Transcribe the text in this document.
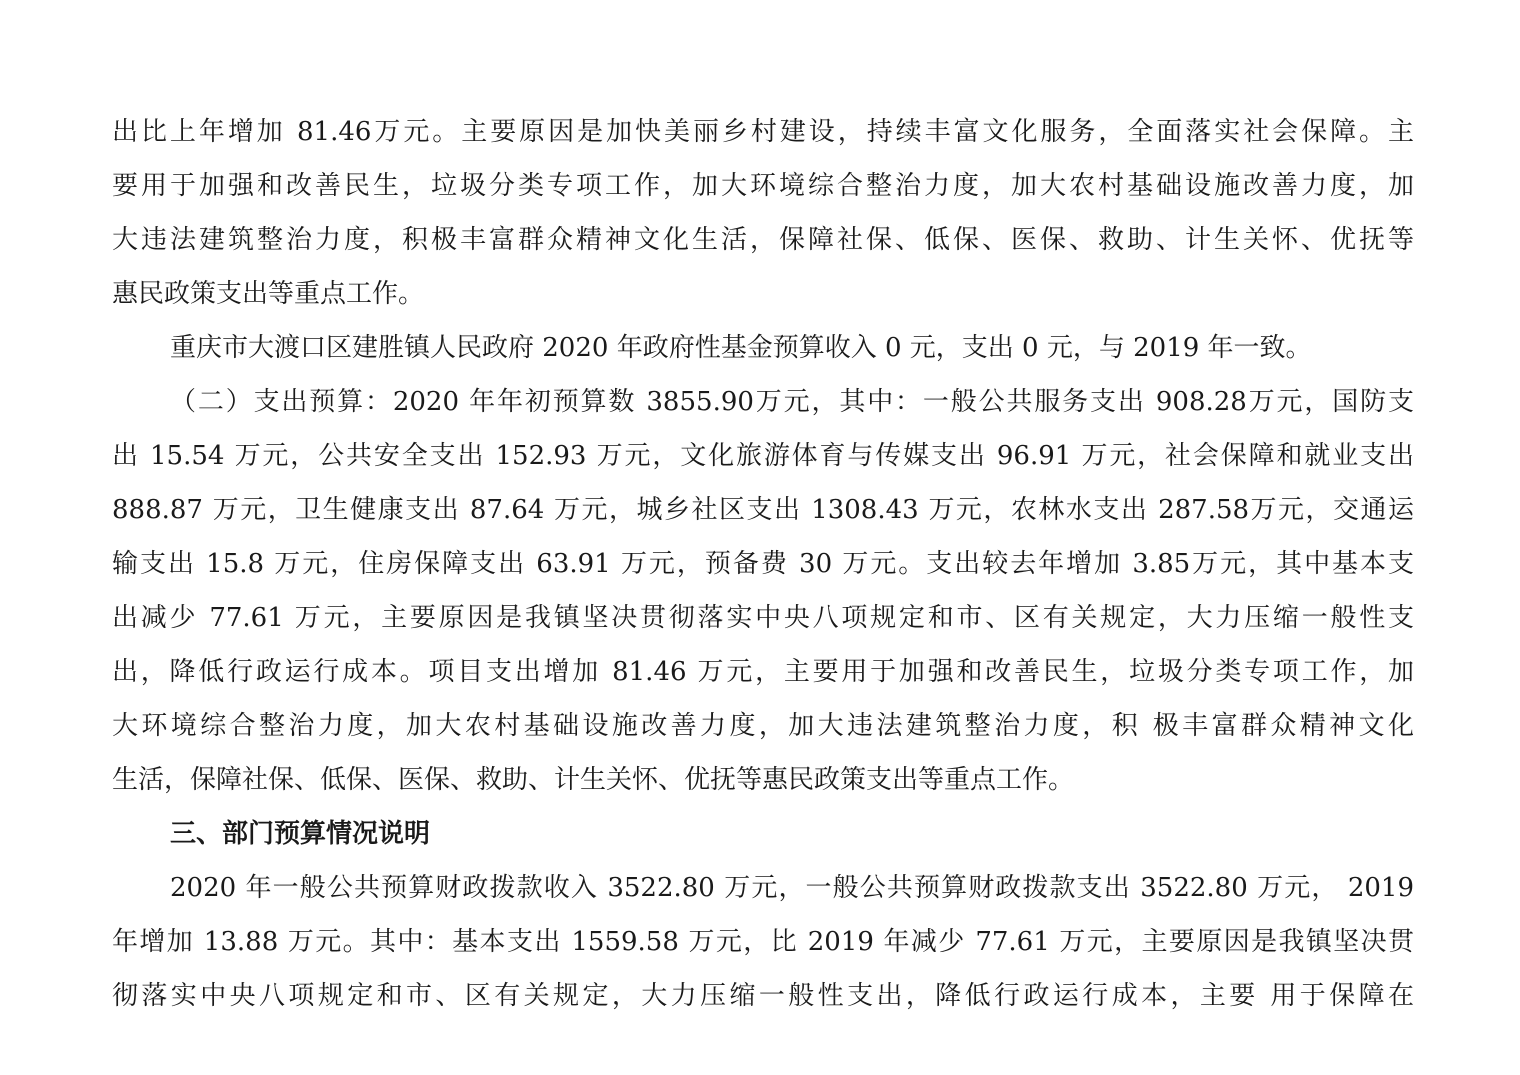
出比上年增加 81.46万元。主要原因是加快美丽乡村建设，持续丰富文化服务，全面落实社会保障。主
要用于加强和改善民生，垃圾分类专项工作，加大环境综合整治力度，加大农村基础设施改善力度，加
大违法建筑整治力度，积极丰富群众精神文化生活，保障社保、低保、医保、救助、计生关怀、优抚等
惠民政策支出等重点工作。
重庆市大渡口区建胜镇人民政府 2020 年政府性基金预算收入 0 元，支出 0 元，与 2019 年一致。
（二）支出预算：2020 年年初预算数 3855.90万元，其中：一般公共服务支出 908.28万元，国防支
出 15.54 万元，公共安全支出 152.93 万元，文化旅游体育与传媒支出 96.91 万元，社会保障和就业支出
888.87 万元，卫生健康支出 87.64 万元，城乡社区支出 1308.43 万元，农林水支出 287.58万元，交通运
输支出 15.8 万元，住房保障支出 63.91 万元，预备费 30 万元。支出较去年增加 3.85万元，其中基本支
出减少 77.61 万元，主要原因是我镇坚决贯彻落实中央八项规定和市、区有关规定，大力压缩一般性支
出，降低行政运行成本。项目支出增加 81.46 万元，主要用于加强和改善民生，垃圾分类专项工作，加
大环境综合整治力度，加大农村基础设施改善力度，加大违法建筑整治力度，积 极丰富群众精神文化
生活，保障社保、低保、医保、救助、计生关怀、优抚等惠民政策支出等重点工作。
三、部门预算情况说明
2020 年一般公共预算财政拨款收入 3522.80 万元，一般公共预算财政拨款支出 3522.80 万元， 2019
年增加 13.88 万元。其中：基本支出 1559.58 万元，比 2019 年减少 77.61 万元，主要原因是我镇坚决贯
彻落实中央八项规定和市、区有关规定，大力压缩一般性支出，降低行政运行成本，主要 用于保障在
